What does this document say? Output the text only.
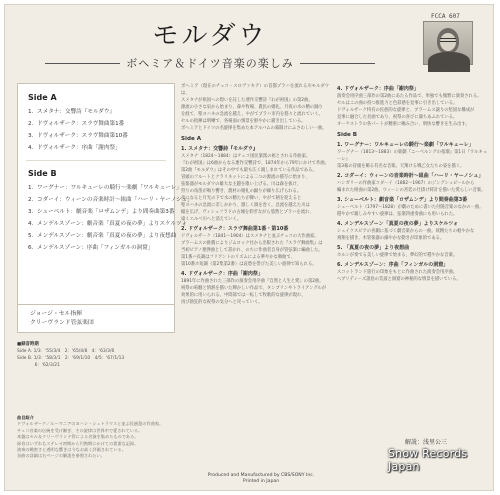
モルダウ
ボヘミア＆ドイツ音楽の楽しみ
FCCA 607
ジョージ・セル
Side A
1. スメタナ：交響詩『モルダウ』
2. ドヴォルザーク：スラヴ舞曲第1番
3. ドヴォルザーク：スラヴ舞曲第10番
4. ドヴォルザーク：序曲「謝肉祭」
Side B
1. ワーグナー：ワルキューレの騎行〜楽劇「ワルキューレ」
2. コダーイ：ウィーンの音楽時計〜組曲「ハーリ・ヤーノシュ」
3. シューベルト：劇音楽「ロザムンデ」より間奏曲第3番
4. メンデルスゾーン：劇音楽「真夏の夜の夢」よりスケルツォ
5. メンデルスゾーン：劇音楽「真夏の夜の夢」より夜想曲
6. メンデルスゾーン：序曲「フィンガルの洞窟」
ジョージ・セル指揮
クリーヴランド管弦楽団
■録音時期
Side A. 1/3：'55/3/4　2：'65/4/8　4：'63/3/6
Side B. 1/3：'58/3/1　2：'69/1/10　4/5：'67/1/13
　　　　6：'62/3/21
曲目紹介
ドヴォルザーク／ルーマニアのヨハン・シュトラウスと並ぶ民族派の作曲家。
チェコ音楽の伝統を受け継ぎ、その旋律は世界中で愛されている。
本盤はセル＆クリーヴランド管による名演を集めたものである。
録音はいずれもステレオ初期から円熟期にかけての貴重な記録。
演奏の緻密さと透明な響きは今なお高く評価されている。
各曲の詳細は右ページの解説を参照されたい。
ボヘミア（現在のチェコ・スロヴァキア）の首都プラハを流れる川モルダウは、
スメタナが祖国への想いを託した連作交響詩『わが祖国』の第2曲。
源流の小さな泉から始まり、森や牧場、農民の婚礼、月夜の水の精の踊り
を経て、聖ヨハネの急流を越え、やがてプラハ市内を悠々と流れていく。
セルの指揮は明晰で、各場面の情景を鮮やかに描き出している。
ボヘミアとドイツの名旋律を集めた本アルバムの幕開けにふさわしい一曲。
Side A
1. スメタナ：交響詩『モルダウ』
スメタナ（1824〜1884）はチェコ国民楽派の祖とされる作曲家。
『わが祖国』は6曲からなる連作交響詩で、1874年から79年にかけて作曲。
第2曲『モルダウ』はその中でも最も広く親しまれている作品である。
冒頭のフルートとクラリネットによる二つの源流の描写に始まり、
弦楽器がモルダウの雄大な主題を歌い上げる。川は森を抜け、
狩りの角笛が鳴り響き、農村の婚礼の踊りが繰り広げられる。
夜になると月光の下で水の精たちが舞い、やがて朝を迎えると
聖ヨハネの急流に差しかかり、激しく渦を巻く。急流を越えた川は
幅を広げ、ヴィシェフラドの古城を仰ぎながら悠然とプラハを流れ、
遠くエルベ川へと消えていく。
2. ドヴォルザーク：スラヴ舞曲第1番・第10番
ドヴォルザーク（1841〜1904）はスメタナと並ぶチェコの大作曲家。
ブラームスの推薦によりジムロック社から出版された『スラヴ舞曲集』は
当初ピアノ連弾曲として書かれ、のちに作曲者自身が管弦楽に編曲した。
第1番ハ長調はフリアントのリズムによる華やかな舞曲で、
第10番ホ短調（第2集第2番）は哀愁を帯びた美しい旋律で知られる。
4. ドヴォルザーク：序曲「謝肉祭」
1891年に作曲された三部作の演奏会用序曲『自然と人生と愛』の第2曲。
祝祭の喧騒と情熱を描いた輝かしい作品で、タンブリンやトライアングルが
効果的に用いられる。中間部では一転して牧歌的な旋律が現れ、
再び熱狂的な祝祭の気分へと戻っていく。
4. ドヴォルザーク：序曲「謝肉祭」
演奏会用序曲三部作の第2曲にあたる作品で、単独でも頻繁に演奏される。
セルはこの曲の持つ推進力と色彩感を見事に引き出している。
ドヴォルザーク特有の民族的な旋律と、ブラームス譲りの堅固な構成が
見事に融合した名曲であり、祝祭の喜びに満ちあふれている。
オーケストラの各パートが精密に噛み合い、明快な響きを生み出す。
Side B
1. ワーグナー：ワルキューレの騎行〜楽劇「ワルキューレ」
ワーグナー（1813〜1883）の楽劇『ニーベルングの指環』第1日『ワルキューレ』
第3幕の冒頭を飾る有名な音楽。天翔ける戦乙女たちの姿を描く。
2. コダーイ：ウィーンの音楽時計〜組曲「ハーリ・ヤーノシュ」
ハンガリーの作曲家コダーイ（1882〜1967）のジングシュピールから
編まれた組曲の第2曲。ウィーンの宮廷の仕掛け時計を描いた愛らしい音楽。
3. シューベルト：劇音楽「ロザムンデ」より間奏曲第3番
シューベルト（1797〜1828）が劇のために書いた付随音楽のなかの一曲。
穏やかで親しみやすい旋律は、弦楽四重奏曲にも用いられた。
4. メンデルスゾーン「真夏の夜の夢」よりスケルツォ
シェイクスピアの喜劇に基づく劇音楽からの一曲。妖精たちの軽やかな
飛翔を描き、木管楽器の細やかな動きが印象的である。
5. 「真夏の夜の夢」より夜想曲
ホルンが奏でる美しい旋律で始まる、夢幻的で穏やかな音楽。
6. メンデルスゾーン：序曲「フィンガルの洞窟」
スコットランド旅行の印象をもとに作曲された演奏会用序曲。
ヘブリディーズ諸島の荒波と洞窟の神秘的な情景を描いている。
解説：浅里公三
Produced and Manufactured by CBS/SONY Inc.
Printed in Japan
Snow Records Japan
